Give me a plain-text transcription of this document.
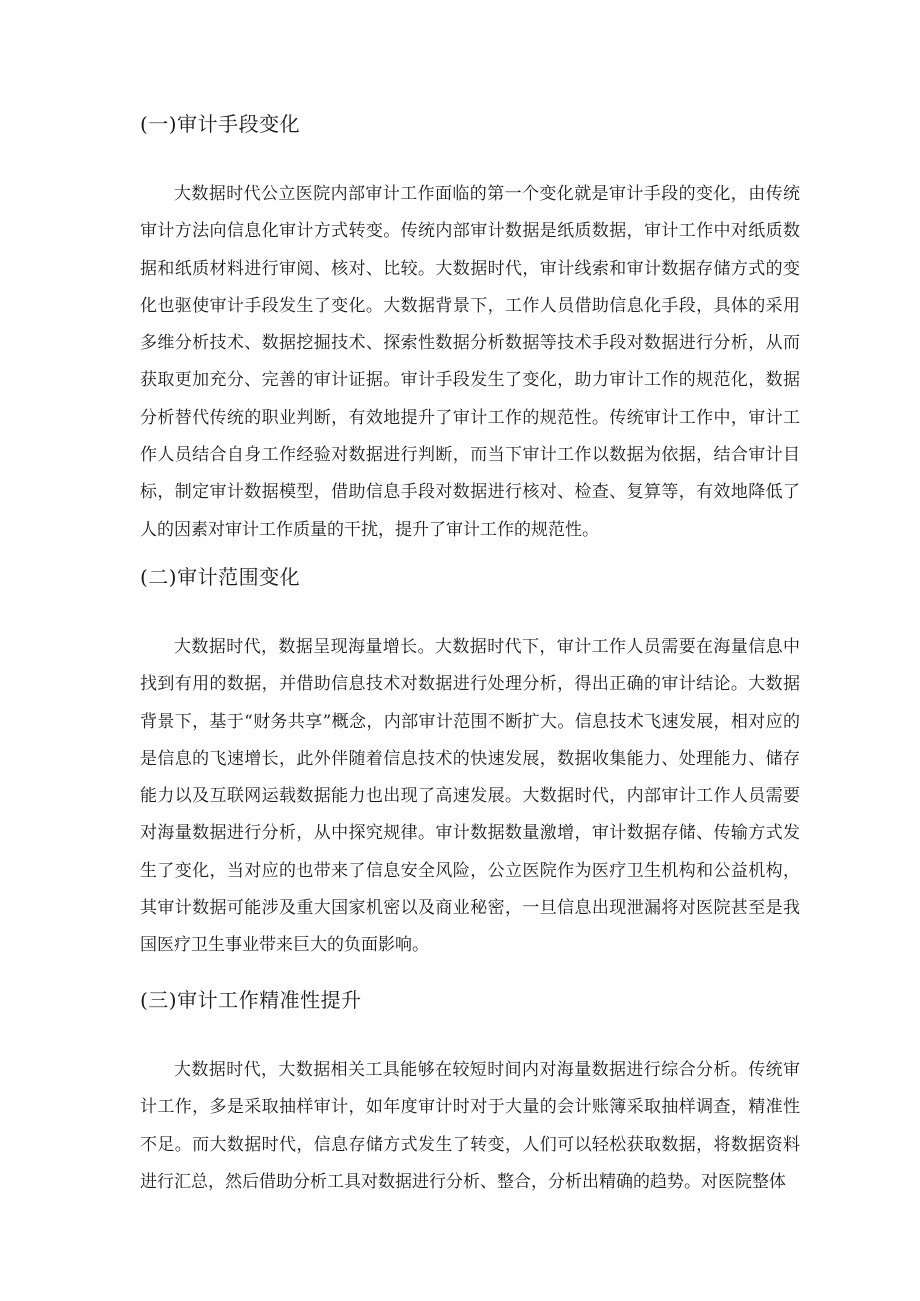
(一)审计手段变化

大数据时代公立医院内部审计工作面临的第一个变化就是审计手段的变化，由传统审计方法向信息化审计方式转变。传统内部审计数据是纸质数据，审计工作中对纸质数据和纸质材料进行审阅、核对、比较。大数据时代，审计线索和审计数据存储方式的变化也驱使审计手段发生了变化。大数据背景下，工作人员借助信息化手段，具体的采用多维分析技术、数据挖掘技术、探索性数据分析数据等技术手段对数据进行分析，从而获取更加充分、完善的审计证据。审计手段发生了变化，助力审计工作的规范化，数据分析替代传统的职业判断，有效地提升了审计工作的规范性。传统审计工作中，审计工作人员结合自身工作经验对数据进行判断，而当下审计工作以数据为依据，结合审计目标，制定审计数据模型，借助信息手段对数据进行核对、检查、复算等，有效地降低了人的因素对审计工作质量的干扰，提升了审计工作的规范性。

(二)审计范围变化

大数据时代，数据呈现海量增长。大数据时代下，审计工作人员需要在海量信息中找到有用的数据，并借助信息技术对数据进行处理分析，得出正确的审计结论。大数据背景下，基于“财务共享”概念，内部审计范围不断扩大。信息技术飞速发展，相对应的是信息的飞速增长，此外伴随着信息技术的快速发展，数据收集能力、处理能力、储存能力以及互联网运载数据能力也出现了高速发展。大数据时代，内部审计工作人员需要对海量数据进行分析，从中探究规律。审计数据数量激增，审计数据存储、传输方式发生了变化，当对应的也带来了信息安全风险，公立医院作为医疗卫生机构和公益机构，其审计数据可能涉及重大国家机密以及商业秘密，一旦信息出现泄漏将对医院甚至是我国医疗卫生事业带来巨大的负面影响。

(三)审计工作精准性提升

大数据时代，大数据相关工具能够在较短时间内对海量数据进行综合分析。传统审计工作，多是采取抽样审计，如年度审计时对于大量的会计账簿采取抽样调查，精准性不足。而大数据时代，信息存储方式发生了转变，人们可以轻松获取数据，将数据资料进行汇总，然后借助分析工具对数据进行分析、整合，分析出精确的趋势。对医院整体
